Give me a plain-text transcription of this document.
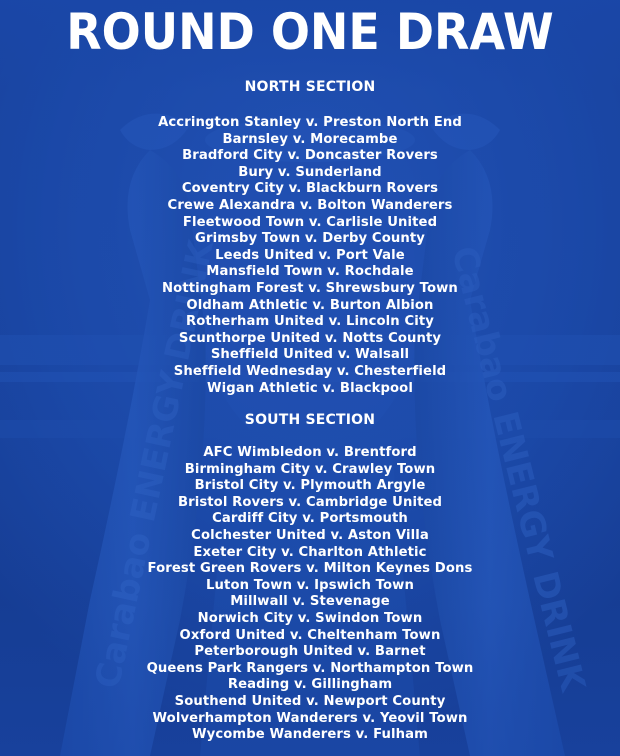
ROUND ONE DRAW
NORTH SECTION
Accrington Stanley v. Preston North End
Barnsley v. Morecambe
Bradford City v. Doncaster Rovers
Bury v. Sunderland
Coventry City v. Blackburn Rovers
Crewe Alexandra v. Bolton Wanderers
Fleetwood Town v. Carlisle United
Grimsby Town v. Derby County
Leeds United v. Port Vale
Mansfield Town v. Rochdale
Nottingham Forest v. Shrewsbury Town
Oldham Athletic v. Burton Albion
Rotherham United v. Lincoln City
Scunthorpe United v. Notts County
Sheffield United v. Walsall
Sheffield Wednesday v. Chesterfield
Wigan Athletic v. Blackpool
SOUTH SECTION
AFC Wimbledon v. Brentford
Birmingham City v. Crawley Town
Bristol City v. Plymouth Argyle
Bristol Rovers v. Cambridge United
Cardiff City v. Portsmouth
Colchester United v. Aston Villa
Exeter City v. Charlton Athletic
Forest Green Rovers v. Milton Keynes Dons
Luton Town v. Ipswich Town
Millwall v. Stevenage
Norwich City v. Swindon Town
Oxford United v. Cheltenham Town
Peterborough United v. Barnet
Queens Park Rangers v. Northampton Town
Reading v. Gillingham
Southend United v. Newport County
Wolverhampton Wanderers v. Yeovil Town
Wycombe Wanderers v. Fulham
